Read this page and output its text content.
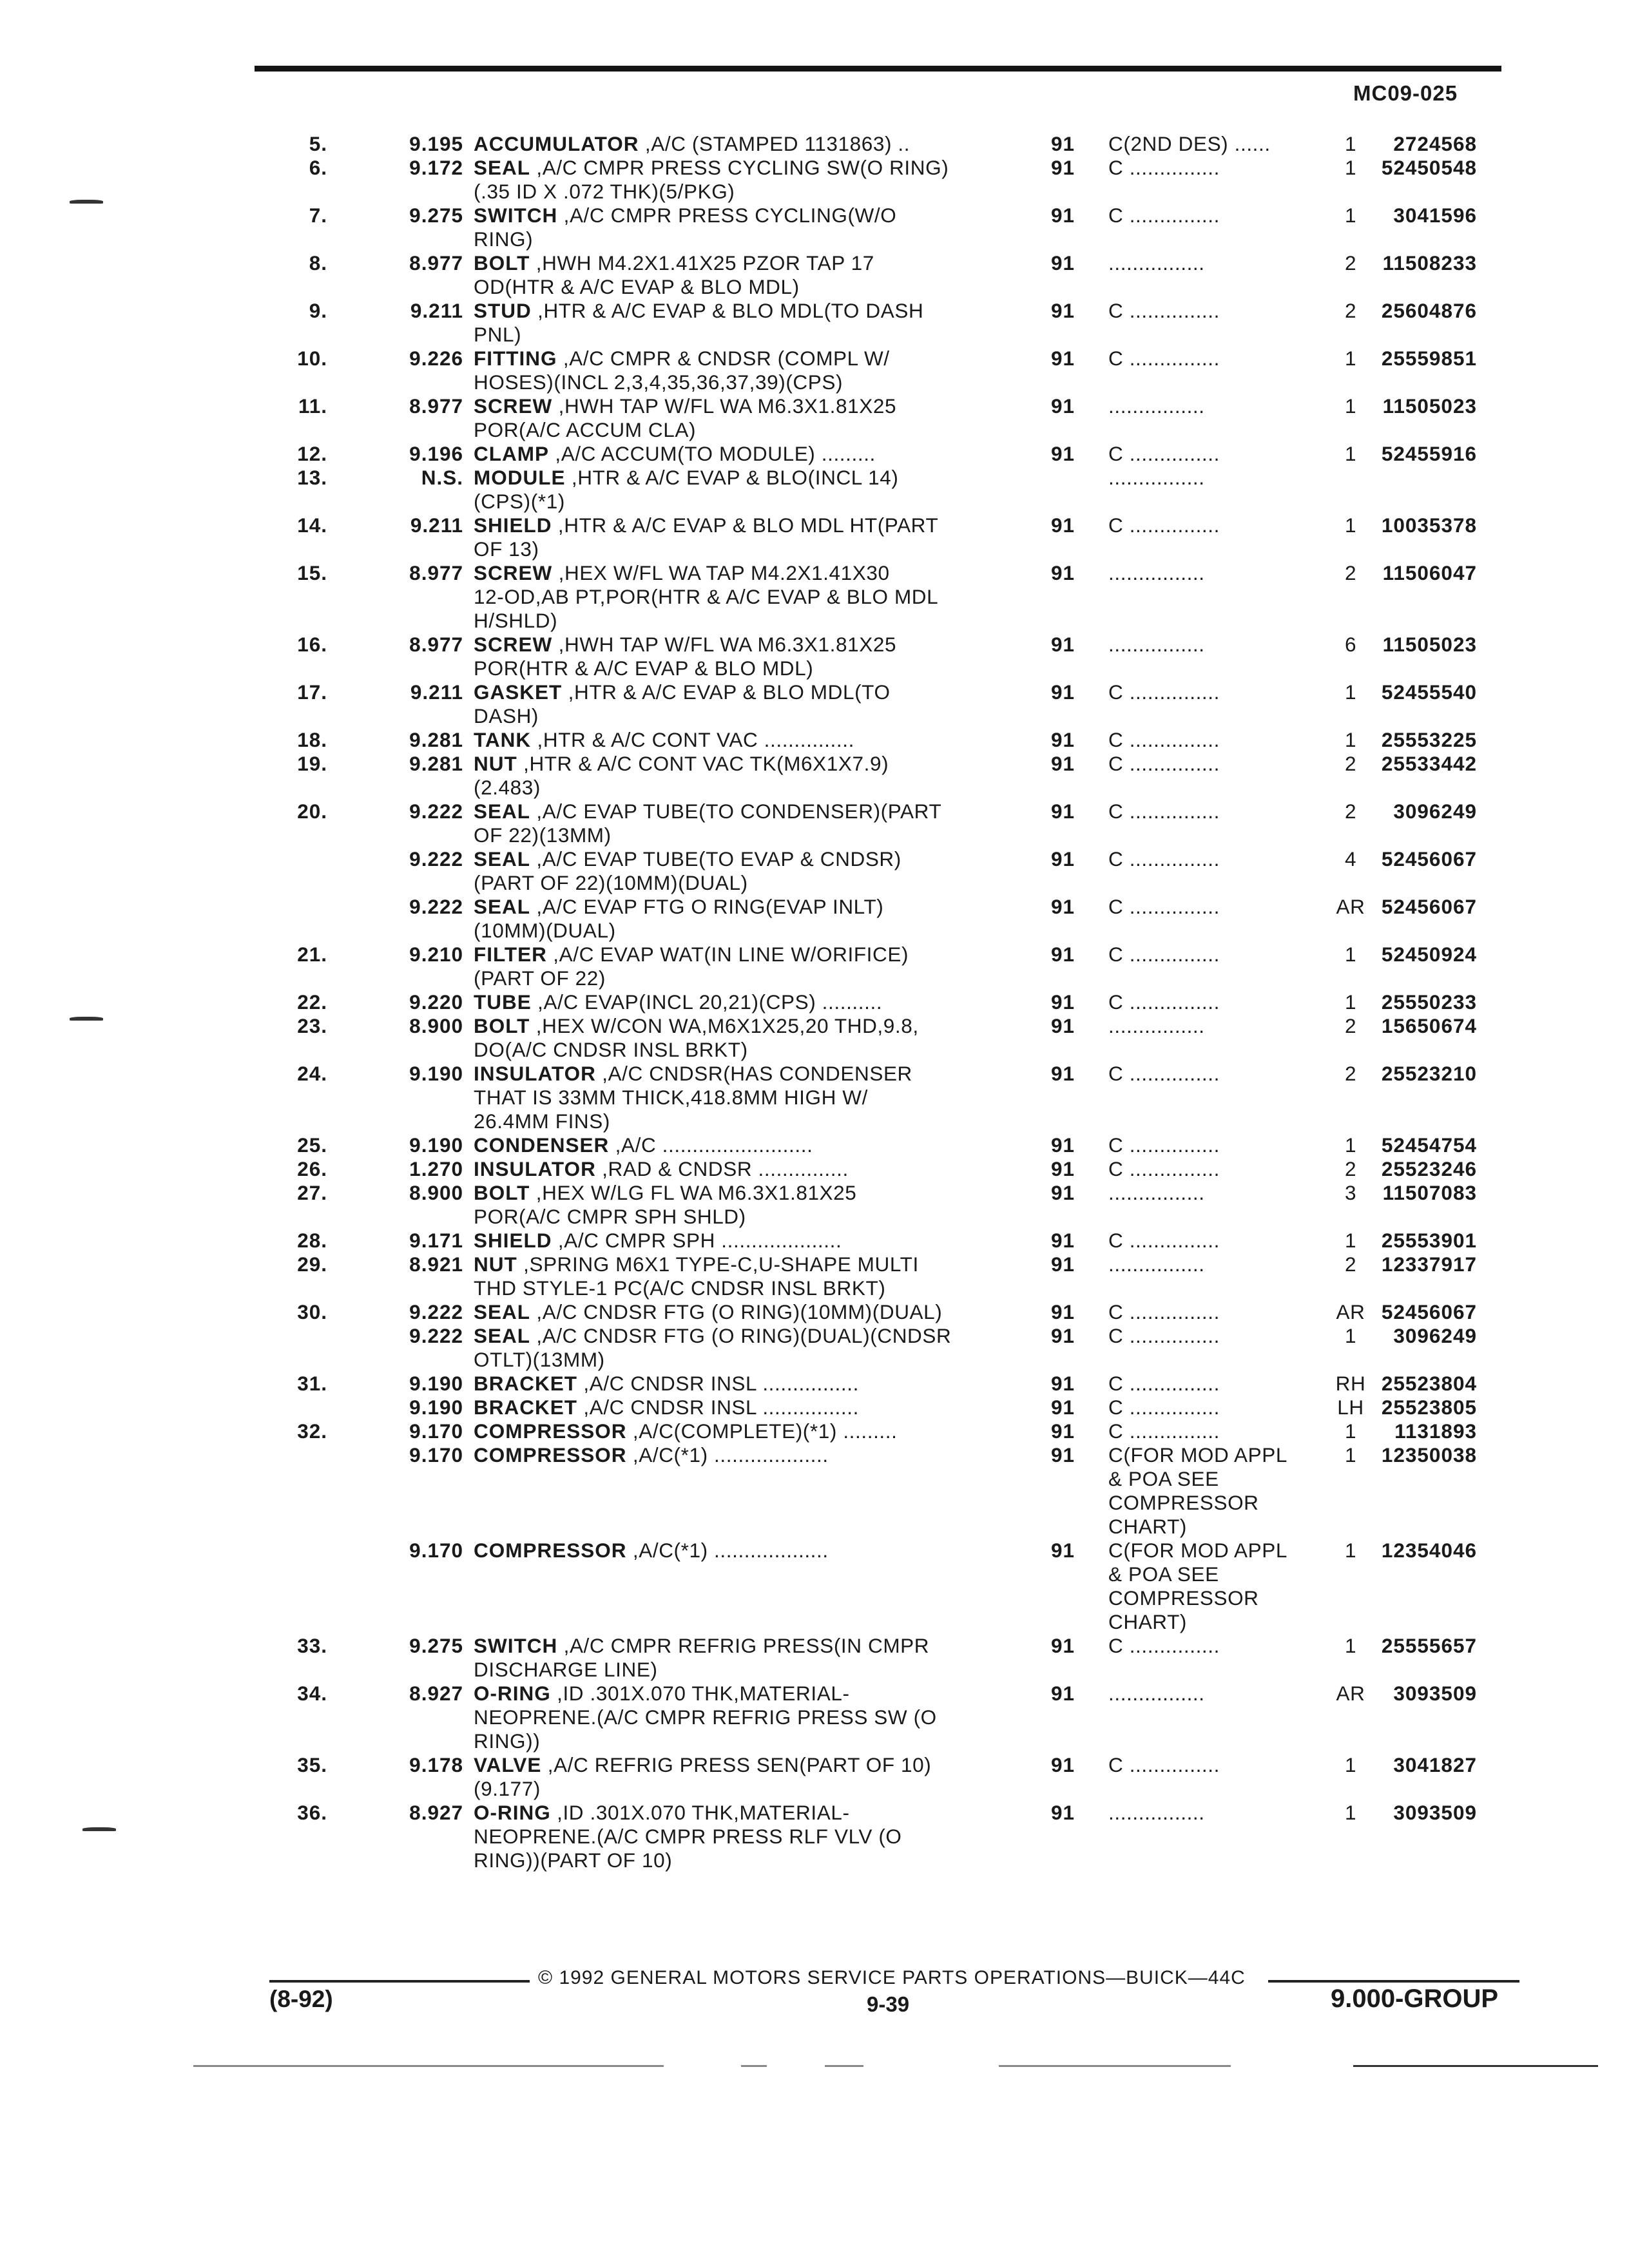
MC09-025
5.	9.195 ACCUMULATOR ,A/C (STAMPED 1131863) ..	91	C(2ND DES) ......	1	2724568
6.	9.172 SEAL ,A/C CMPR PRESS CYCLING SW(O RING)
(.35 ID X .072 THK)(5/PKG)
91	C ...............	1	52450548
7.	9.275 SWITCH ,A/C CMPR PRESS CYCLING(W/O
RING)
91	C ...............	1	3041596
8.	8.977 BOLT ,HWH M4.2X1.41X25 PZOR TAP 17
OD(HTR & A/C EVAP & BLO MDL)
91	................	2	11508233
9.	9.211 STUD ,HTR & A/C EVAP & BLO MDL(TO DASH
PNL)
91	C ...............	2	25604876
10.	9.226 FITTING ,A/C CMPR & CNDSR (COMPL W/
HOSES)(INCL 2,3,4,35,36,37,39)(CPS)
91	C ...............	1	25559851
11.	8.977 SCREW ,HWH TAP W/FL WA M6.3X1.81X25
POR(A/C ACCUM CLA)
91	................	1	11505023
12.	9.196 CLAMP ,A/C ACCUM(TO MODULE) .........	91	C ...............	1	52455916
13.	N.S. MODULE ,HTR & A/C EVAP & BLO(INCL 14)
(CPS)(*1)
................
14.	9.211 SHIELD ,HTR & A/C EVAP & BLO MDL HT(PART
OF 13)
91	C ...............	1	10035378
15.	8.977 SCREW ,HEX W/FL WA TAP M4.2X1.41X30
12-OD,AB PT,POR(HTR & A/C EVAP & BLO MDL
H/SHLD)
91	................	2	11506047
16.	8.977 SCREW ,HWH TAP W/FL WA M6.3X1.81X25
POR(HTR & A/C EVAP & BLO MDL)
91	................	6	11505023
17.	9.211 GASKET ,HTR & A/C EVAP & BLO MDL(TO
DASH)
91	C ...............	1	52455540
18.	9.281 TANK ,HTR & A/C CONT VAC ...............	91	C ...............	1	25553225
19.	9.281 NUT ,HTR & A/C CONT VAC TK(M6X1X7.9)
(2.483)
91	C ...............	2	25533442
20.	9.222 SEAL ,A/C EVAP TUBE(TO CONDENSER)(PART
OF 22)(13MM)
91	C ...............	2	3096249
9.222 SEAL ,A/C EVAP TUBE(TO EVAP & CNDSR)
(PART OF 22)(10MM)(DUAL)
91	C ...............	4	52456067
9.222 SEAL ,A/C EVAP FTG O RING(EVAP INLT)
(10MM)(DUAL)
91	C ...............	AR 52456067
21.	9.210 FILTER ,A/C EVAP WAT(IN LINE W/ORIFICE)
(PART OF 22)
91	C ...............	1	52450924
22.	9.220 TUBE ,A/C EVAP(INCL 20,21)(CPS) ..........	91	C ...............	1	25550233
23.	8.900 BOLT ,HEX W/CON WA,M6X1X25,20 THD,9.8,
DO(A/C CNDSR INSL BRKT)
91	................	2	15650674
24.	9.190 INSULATOR ,A/C CNDSR(HAS CONDENSER
THAT IS 33MM THICK,418.8MM HIGH W/
26.4MM FINS)
91	C ...............	2	25523210
25.	9.190 CONDENSER ,A/C .........................	91	C ...............	1	52454754
26.	1.270 INSULATOR ,RAD & CNDSR ...............	91	C ...............	2	25523246
27.	8.900 BOLT ,HEX W/LG FL WA M6.3X1.81X25
POR(A/C CMPR SPH SHLD)
91	................	3	11507083
28.	9.171 SHIELD ,A/C CMPR SPH ....................	91	C ...............	1	25553901
29.	8.921 NUT ,SPRING M6X1 TYPE-C,U-SHAPE MULTI
THD STYLE-1 PC(A/C CNDSR INSL BRKT)
91	................	2	12337917
30.	9.222 SEAL ,A/C CNDSR FTG (O RING)(10MM)(DUAL)	91	C ...............	AR 52456067
9.222 SEAL ,A/C CNDSR FTG (O RING)(DUAL)(CNDSR
OTLT)(13MM)
91	C ...............	1	3096249
31.	9.190 BRACKET ,A/C CNDSR INSL ................	91	C ...............	RH 25523804
9.190 BRACKET ,A/C CNDSR INSL ................	91	C ...............	LH 25523805
32.	9.170 COMPRESSOR ,A/C(COMPLETE)(*1) .........	91	C ...............	1	1131893
9.170 COMPRESSOR ,A/C(*1) ...................	91	C(FOR MOD APPL
& POA SEE
COMPRESSOR
CHART)
1	12350038
9.170 COMPRESSOR ,A/C(*1) ...................	91	C(FOR MOD APPL
& POA SEE
COMPRESSOR
CHART)
1	12354046
33.	9.275 SWITCH ,A/C CMPR REFRIG PRESS(IN CMPR
DISCHARGE LINE)
91	C ...............	1	25555657
34.	8.927 O-RING ,ID .301X.070 THK,MATERIAL-
NEOPRENE.(A/C CMPR REFRIG PRESS SW (O
RING))
91	................	AR	3093509
35.	9.178 VALVE ,A/C REFRIG PRESS SEN(PART OF 10)
(9.177)
91	C ...............	1	3041827
36.	8.927 O-RING ,ID .301X.070 THK,MATERIAL-
NEOPRENE.(A/C CMPR PRESS RLF VLV (O
RING))(PART OF 10)
91	................	1	3093509
© 1992 GENERAL MOTORS SERVICE PARTS OPERATIONS—BUICK—44C
(8-92)	9-39	9.000-GROUP
